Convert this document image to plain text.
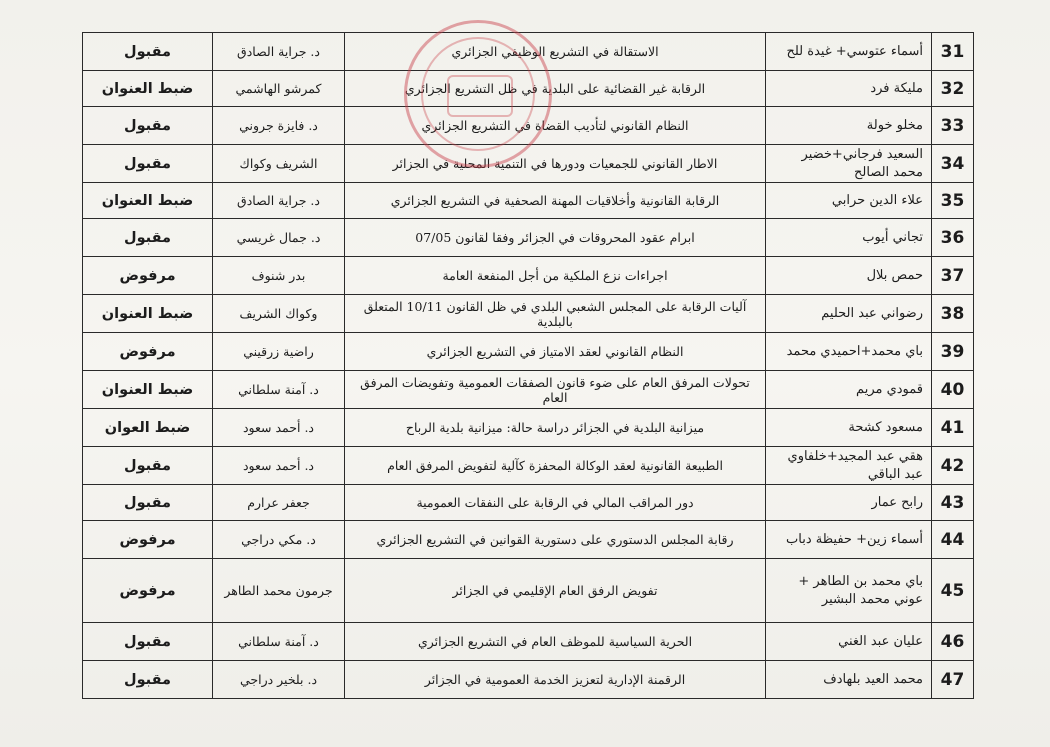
31	أسماء عتوسي+ غيدة للح	الاستقالة في التشريع الوظيفي الجزائري	د. جراية الصادق	مقبول
32	مليكة فرد	الرقابة غير القضائية على البلدية في ظل التشريع الجزائري	كمرشو الهاشمي	ضبط العنوان
33	مخلو خولة	النظام القانوني لتأديب القضاة في التشريع الجزائري	د. فايزة جروني	مقبول
34	السعيد فرجاني+خضير محمد الصالح	الاطار القانوني للجمعيات ودورها في التنمية المحلية في الجزائر	الشريف وكواك	مقبول
35	علاء الدين حرابي	الرقابة القانونية وأخلاقيات المهنة الصحفية في التشريع الجزائري	د. جراية الصادق	ضبط العنوان
36	تجاني أيوب	ابرام عقود المحروقات في الجزائر وفقا لقانون 07/05	د. جمال غريسي	مقبول
37	حمص بلال	اجراءات نزع الملكية من أجل المنفعة العامة	بدر شنوف	مرفوض
38	رضواني عبد الحليم	آليات الرقابة على المجلس الشعبي البلدي في ظل القانون 10/11 المتعلق بالبلدية	وكواك الشريف	ضبط العنوان
39	باي محمد+احميدي محمد	النظام القانوني لعقد الامتياز في التشريع الجزائري	راضية زرقيني	مرفوض
40	قمودي مريم	تحولات المرفق العام على ضوء قانون الصفقات العمومية وتفويضات المرفق العام	د. آمنة سلطاني	ضبط العنوان
41	مسعود كشحة	ميزانية البلدية في الجزائر دراسة حالة: ميزانية بلدية الرباح	د. أحمد سعود	ضبط العوان
42	هقي عبد المجيد+خلفاوي عبد الباقي	الطبيعة القانونية لعقد الوكالة المحفزة كآلية لتفويض المرفق العام	د. أحمد سعود	مقبول
43	رابح عمار	دور المراقب المالي في الرقابة على النفقات العمومية	جعفر عرارم	مقبول
44	أسماء زين+ حفيظة دباب	رقابة المجلس الدستوري على دستورية القوانين في التشريع الجزائري	د. مكي دراجي	مرفوض
45	باي محمد بن الطاهر + عوني محمد البشير	تفويض الرفق العام الإقليمي في الجزائر	جرمون محمد الطاهر	مرفوض
46	عليان عبد الغني	الحرية السياسية للموظف العام في التشريع الجزائري	د. آمنة سلطاني	مقبول
47	محمد العيد بلهادف	الرقمنة الإدارية لتعزيز الخدمة العمومية في الجزائر	د. بلخير دراجي	مقبول
